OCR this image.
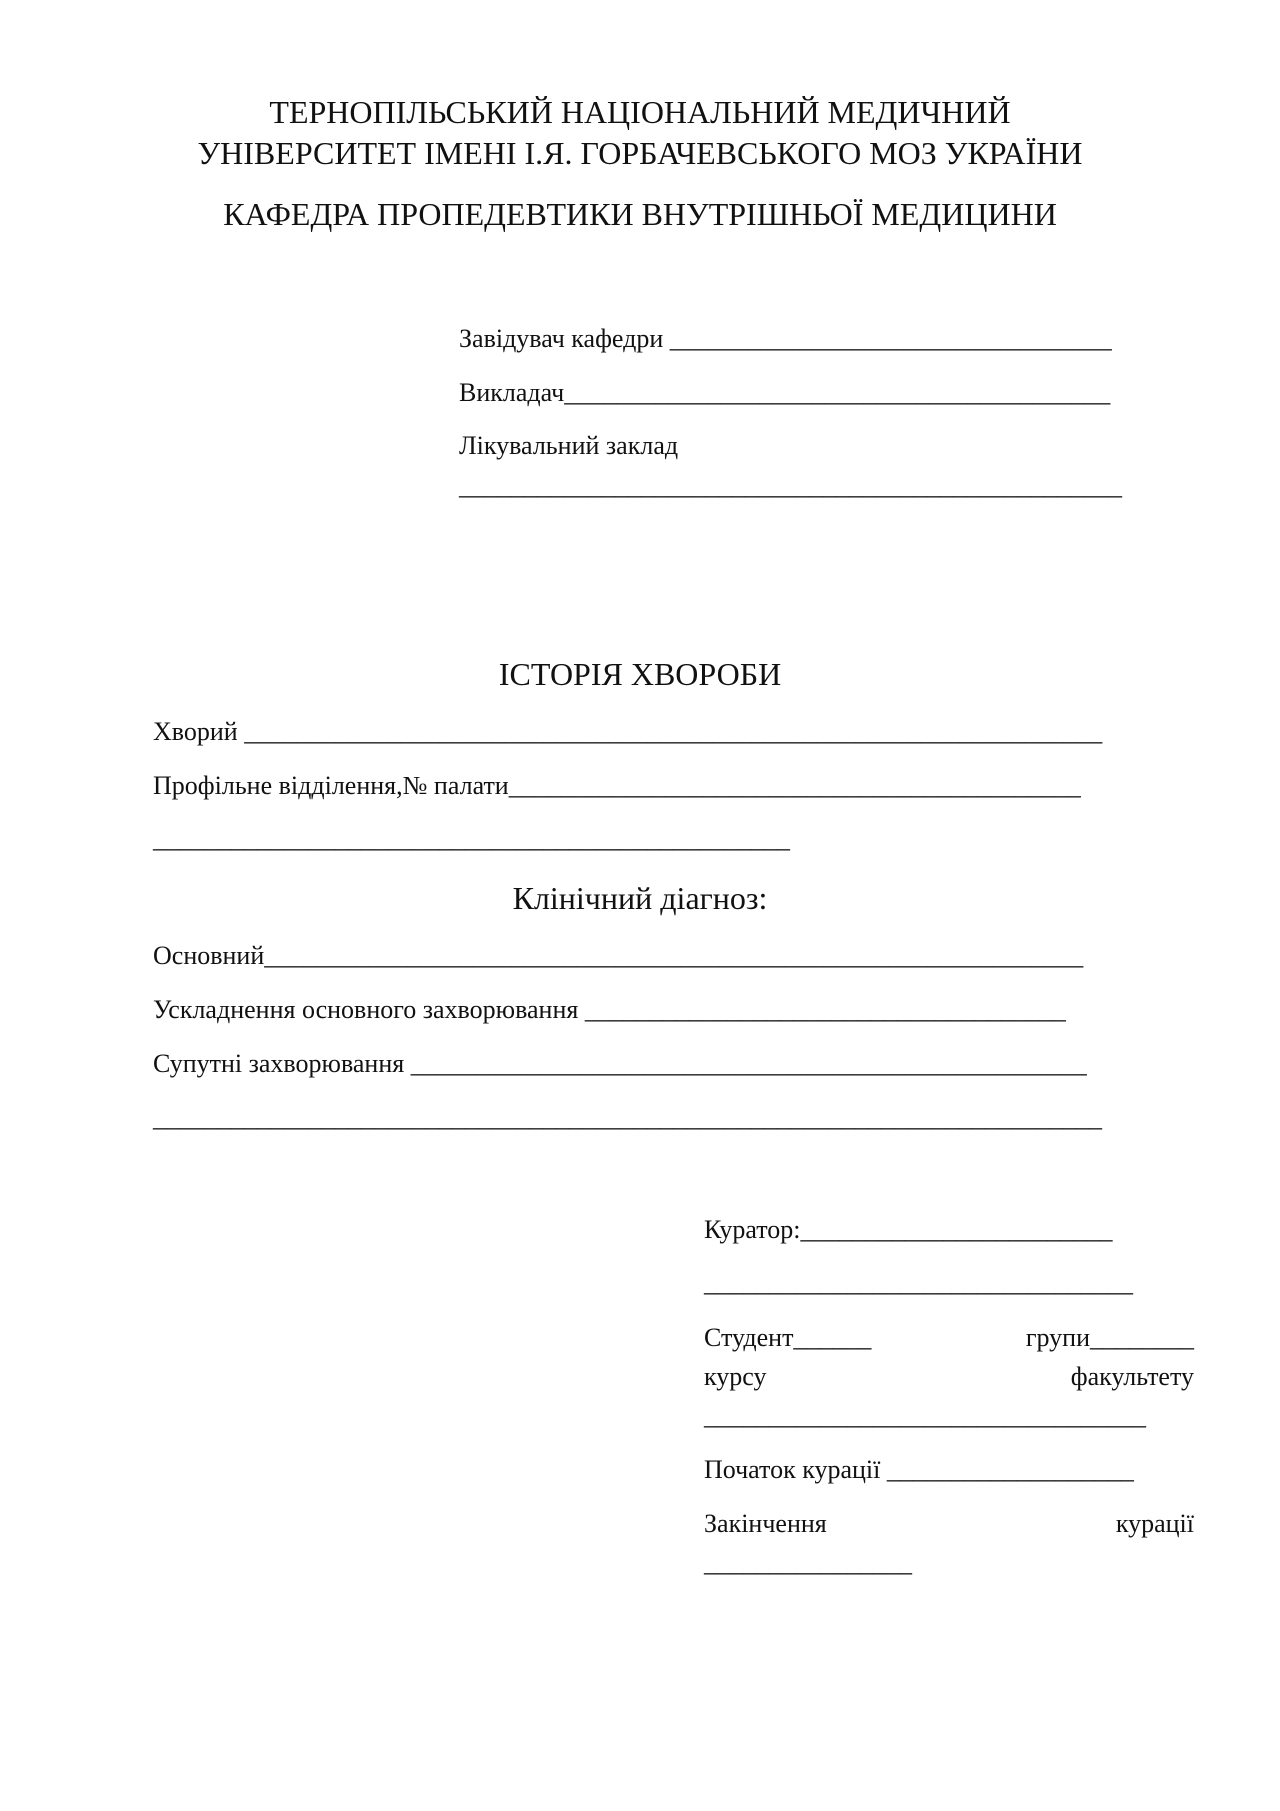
ТЕРНОПІЛЬСЬКИЙ НАЦІОНАЛЬНИЙ МЕДИЧНИЙ
УНІВЕРСИТЕТ ІМЕНІ І.Я. ГОРБАЧЕВСЬКОГО МОЗ УКРАЇНИ
КАФЕДРА ПРОПЕДЕВТИКИ ВНУТРІШНЬОЇ МЕДИЦИНИ
Завідувач кафедри __________________________________
Викладач__________________________________________
Лікувальний заклад
___________________________________________________
ІСТОРІЯ ХВОРОБИ
Хворий __________________________________________________________________
Профільне відділення,№ палати____________________________________________
_________________________________________________
Клінічний діагноз:
Основний_______________________________________________________________
Ускладнення основного захворювання _____________________________________
Супутні захворювання ____________________________________________________
_________________________________________________________________________
Куратор:________________________
_________________________________
Студент______	групи________
курсу	факультету
__________________________________
Початок курації ___________________
Закінчення	курації
________________
